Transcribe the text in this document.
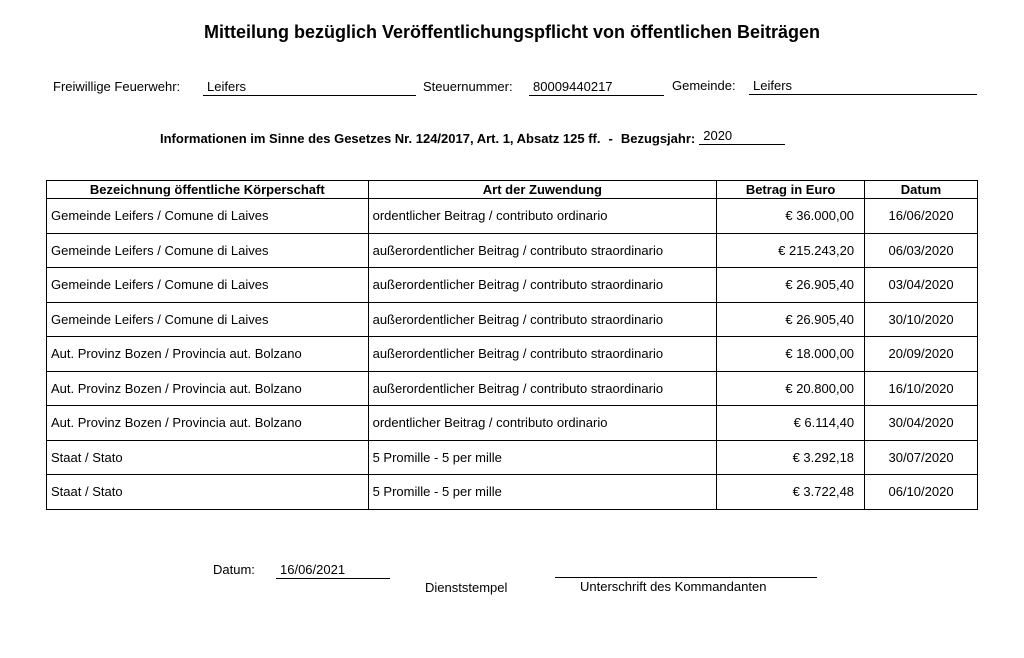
Mitteilung bezüglich Veröffentlichungspflicht von öffentlichen Beiträgen
Freiwillige Feuerwehr:	Leifers	Steuernummer:	80009440217	Gemeinde:	Leifers
Informationen im Sinne des Gesetzes Nr. 124/2017, Art. 1, Absatz 125 ff. - Bezugsjahr: 2020
Bezeichnung öffentliche Körperschaft	Art der Zuwendung	Betrag in Euro	Datum
Gemeinde Leifers / Comune di Laives	ordentlicher Beitrag / contributo ordinario	€ 36.000,00	16/06/2020
Gemeinde Leifers / Comune di Laives	außerordentlicher Beitrag / contributo straordinario	€ 215.243,20	06/03/2020
Gemeinde Leifers / Comune di Laives	außerordentlicher Beitrag / contributo straordinario	€ 26.905,40	03/04/2020
Gemeinde Leifers / Comune di Laives	außerordentlicher Beitrag / contributo straordinario	€ 26.905,40	30/10/2020
Aut. Provinz Bozen / Provincia aut. Bolzano	außerordentlicher Beitrag / contributo straordinario	€ 18.000,00	20/09/2020
Aut. Provinz Bozen / Provincia aut. Bolzano	außerordentlicher Beitrag / contributo straordinario	€ 20.800,00	16/10/2020
Aut. Provinz Bozen / Provincia aut. Bolzano	ordentlicher Beitrag / contributo ordinario	€ 6.114,40	30/04/2020
Staat / Stato	5 Promille - 5 per mille	€ 3.292,18	30/07/2020
Staat / Stato	5 Promille - 5 per mille	€ 3.722,48	06/10/2020
Datum:	16/06/2021
Dienststempel	Unterschrift des Kommandanten
